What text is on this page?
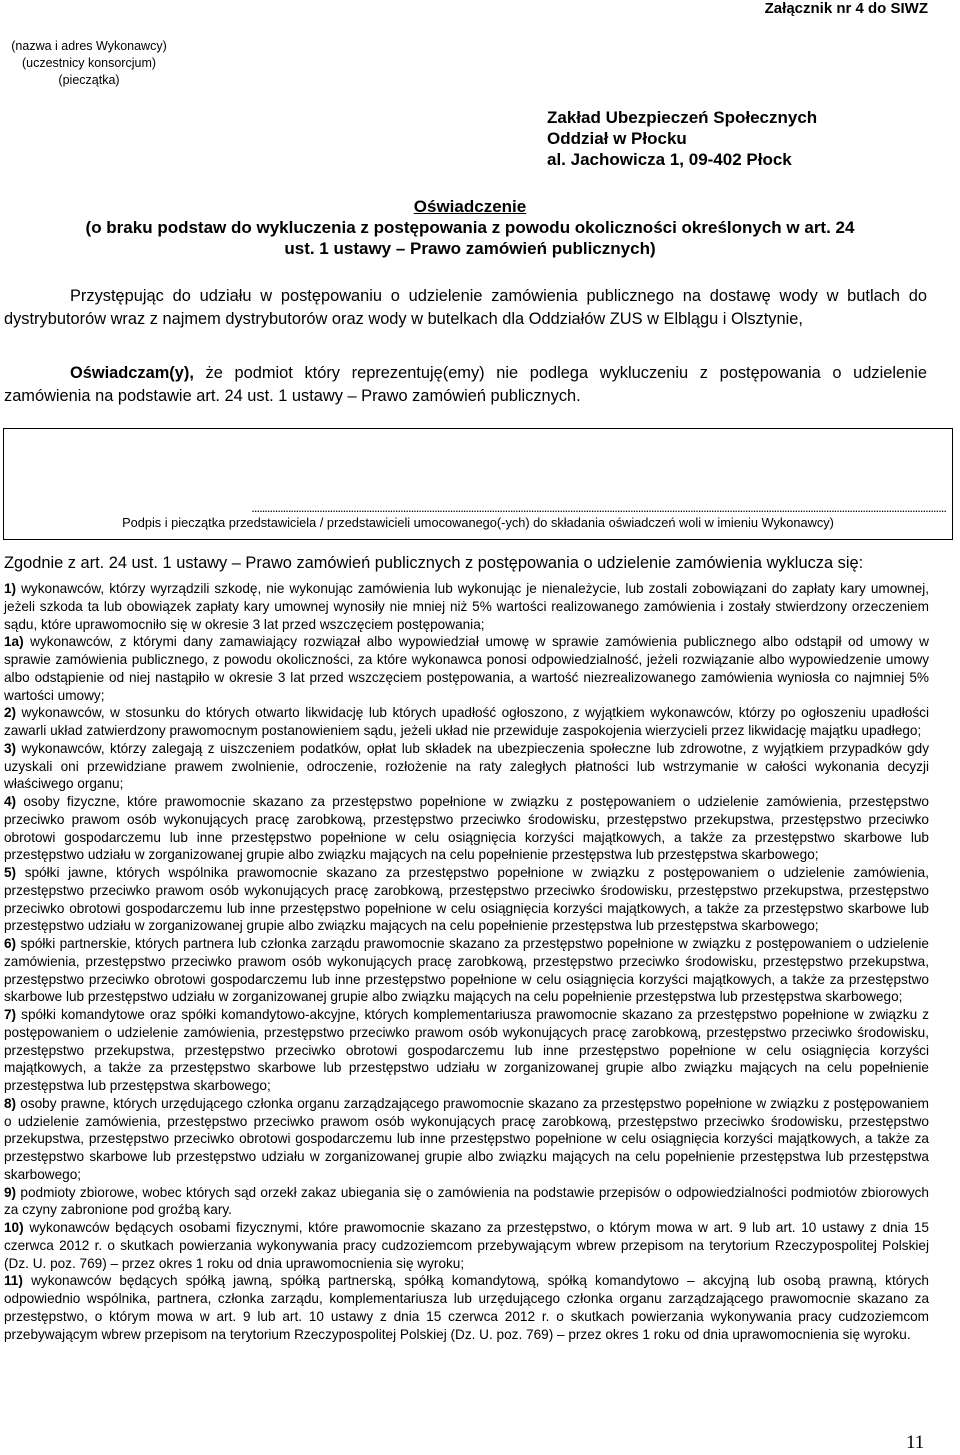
Załącznik nr 4 do SIWZ
(nazwa i adres Wykonawcy)
(uczestnicy konsorcjum)
(pieczątka)
Zakład Ubezpieczeń Społecznych
Oddział w Płocku
al. Jachowicza 1, 09-402 Płock
Oświadczenie
(o braku podstaw do wykluczenia z postępowania z powodu okoliczności określonych w art. 24 ust. 1 ustawy – Prawo zamówień publicznych)

Przystępując do udziału w postępowaniu o udzielenie zamówienia publicznego na dostawę wody w butlach do dystrybutorów wraz z najmem dystrybutorów oraz wody w butelkach dla Oddziałów ZUS w Elblągu i Olsztynie,

Oświadczam(y), że podmiot który reprezentuję(emy) nie podlega wykluczeniu z postępowania o udzielenie zamówienia na podstawie art. 24 ust. 1 ustawy – Prawo zamówień publicznych.
..........................................................................................................................................................................................................................................................................
Podpis i pieczątka przedstawiciela / przedstawicieli umocowanego(-ych) do składania oświadczeń woli w imieniu Wykonawcy)
Zgodnie z art. 24 ust. 1 ustawy – Prawo zamówień publicznych z postępowania o udzielenie zamówienia wyklucza się:

1) wykonawców, którzy wyrządzili szkodę, nie wykonując zamówienia lub wykonując je nienależycie, lub zostali zobowiązani do zapłaty kary umownej, jeżeli szkoda ta lub obowiązek zapłaty kary umownej wynosiły nie mniej niż 5% wartości realizowanego zamówienia i zostały stwierdzony orzeczeniem sądu, które uprawomocniło się w okresie 3 lat przed wszczęciem postępowania;

1a) wykonawców, z którymi dany zamawiający rozwiązał albo wypowiedział umowę w sprawie zamówienia publicznego albo odstąpił od umowy w sprawie zamówienia publicznego, z powodu okoliczności, za które wykonawca ponosi odpowiedzialność, jeżeli rozwiązanie albo wypowiedzenie umowy albo odstąpienie od niej nastąpiło w okresie 3 lat przed wszczęciem postępowania, a wartość niezrealizowanego zamówienia wyniosła co najmniej 5% wartości umowy;

2) wykonawców, w stosunku do których otwarto likwidację lub których upadłość ogłoszono, z wyjątkiem wykonawców, którzy po ogłoszeniu upadłości zawarli układ zatwierdzony prawomocnym postanowieniem sądu, jeżeli układ nie przewiduje zaspokojenia wierzycieli przez likwidację majątku upadłego;

3) wykonawców, którzy zalegają z uiszczeniem podatków, opłat lub składek na ubezpieczenia społeczne lub zdrowotne, z wyjątkiem przypadków gdy uzyskali oni przewidziane prawem zwolnienie, odroczenie, rozłożenie na raty zaległych płatności lub wstrzymanie w całości wykonania decyzji właściwego organu;

4) osoby fizyczne, które prawomocnie skazano za przestępstwo popełnione w związku z postępowaniem o udzielenie zamówienia, przestępstwo przeciwko prawom osób wykonujących pracę zarobkową, przestępstwo przeciwko środowisku, przestępstwo przekupstwa, przestępstwo przeciwko obrotowi gospodarczemu lub inne przestępstwo popełnione w celu osiągnięcia korzyści majątkowych, a także za przestępstwo skarbowe lub przestępstwo udziału w zorganizowanej grupie albo związku mających na celu popełnienie przestępstwa lub przestępstwa skarbowego;

5) spółki jawne, których wspólnika prawomocnie skazano za przestępstwo popełnione w związku z postępowaniem o udzielenie zamówienia, przestępstwo przeciwko prawom osób wykonujących pracę zarobkową, przestępstwo przeciwko środowisku, przestępstwo przekupstwa, przestępstwo przeciwko obrotowi gospodarczemu lub inne przestępstwo popełnione w celu osiągnięcia korzyści majątkowych, a także za przestępstwo skarbowe lub przestępstwo udziału w zorganizowanej grupie albo związku mających na celu popełnienie przestępstwa lub przestępstwa skarbowego;

6) spółki partnerskie, których partnera lub członka zarządu prawomocnie skazano za przestępstwo popełnione w związku z postępowaniem o udzielenie zamówienia, przestępstwo przeciwko prawom osób wykonujących pracę zarobkową, przestępstwo przeciwko środowisku, przestępstwo przekupstwa, przestępstwo przeciwko obrotowi gospodarczemu lub inne przestępstwo popełnione w celu osiągnięcia korzyści majątkowych, a także za przestępstwo skarbowe lub przestępstwo udziału w zorganizowanej grupie albo związku mających na celu popełnienie przestępstwa lub przestępstwa skarbowego;

7) spółki komandytowe oraz spółki komandytowo-akcyjne, których komplementariusza prawomocnie skazano za przestępstwo popełnione w związku z postępowaniem o udzielenie zamówienia, przestępstwo przeciwko prawom osób wykonujących pracę zarobkową, przestępstwo przeciwko środowisku, przestępstwo przekupstwa, przestępstwo przeciwko obrotowi gospodarczemu lub inne przestępstwo popełnione w celu osiągnięcia korzyści majątkowych, a także za przestępstwo skarbowe lub przestępstwo udziału w zorganizowanej grupie albo związku mających na celu popełnienie przestępstwa lub przestępstwa skarbowego;

8) osoby prawne, których urzędującego członka organu zarządzającego prawomocnie skazano za przestępstwo popełnione w związku z postępowaniem o udzielenie zamówienia, przestępstwo przeciwko prawom osób wykonujących pracę zarobkową, przestępstwo przeciwko środowisku, przestępstwo przekupstwa, przestępstwo przeciwko obrotowi gospodarczemu lub inne przestępstwo popełnione w celu osiągnięcia korzyści majątkowych, a także za przestępstwo skarbowe lub przestępstwo udziału w zorganizowanej grupie albo związku mających na celu popełnienie przestępstwa lub przestępstwa skarbowego;

9) podmioty zbiorowe, wobec których sąd orzekł zakaz ubiegania się o zamówienia na podstawie przepisów o odpowiedzialności podmiotów zbiorowych za czyny zabronione pod groźbą kary.

10) wykonawców będących osobami fizycznymi, które prawomocnie skazano za przestępstwo, o którym mowa w art. 9 lub art. 10 ustawy z dnia 15 czerwca 2012 r. o skutkach powierzania wykonywania pracy cudzoziemcom przebywającym wbrew przepisom na terytorium Rzeczypospolitej Polskiej (Dz. U. poz. 769) – przez okres 1 roku od dnia uprawomocnienia się wyroku;

11) wykonawców będących spółką jawną, spółką partnerską, spółką komandytową, spółką komandytowo – akcyjną lub osobą prawną, których odpowiednio wspólnika, partnera, członka zarządu, komplementariusza lub urzędującego członka organu zarządzającego prawomocnie skazano za przestępstwo, o którym mowa w art. 9 lub art. 10 ustawy z dnia 15 czerwca 2012 r. o skutkach powierzania wykonywania pracy cudzoziemcom przebywającym wbrew przepisom na terytorium Rzeczypospolitej Polskiej (Dz. U. poz. 769) – przez okres 1 roku od dnia uprawomocnienia się wyroku.

11
